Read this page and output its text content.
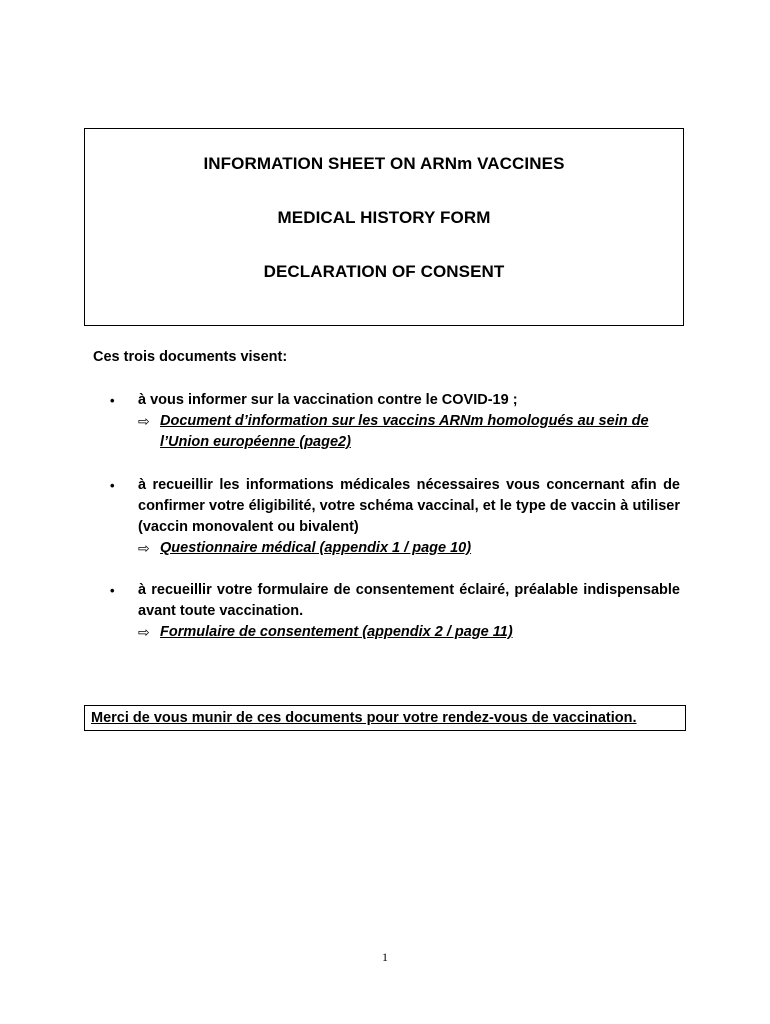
INFORMATION SHEET ON ARNm VACCINES
MEDICAL HISTORY FORM
DECLARATION OF CONSENT
Ces trois documents visent:
•	à vous informer sur la vaccination contre le COVID-19 ;
⇨ Document d’information sur les vaccins ARNm homologués au sein de l’Union européenne (page2)
•	à recueillir les informations médicales nécessaires vous concernant afin de confirmer votre éligibilité, votre schéma vaccinal, et le type de vaccin à utiliser (vaccin monovalent ou bivalent)
⇨ Questionnaire médical (appendix 1 / page 10)
•	à recueillir votre formulaire de consentement éclairé, préalable indispensable avant toute vaccination.
⇨ Formulaire de consentement (appendix 2 / page 11)
Merci de vous munir de ces documents pour votre rendez-vous de vaccination.
1
